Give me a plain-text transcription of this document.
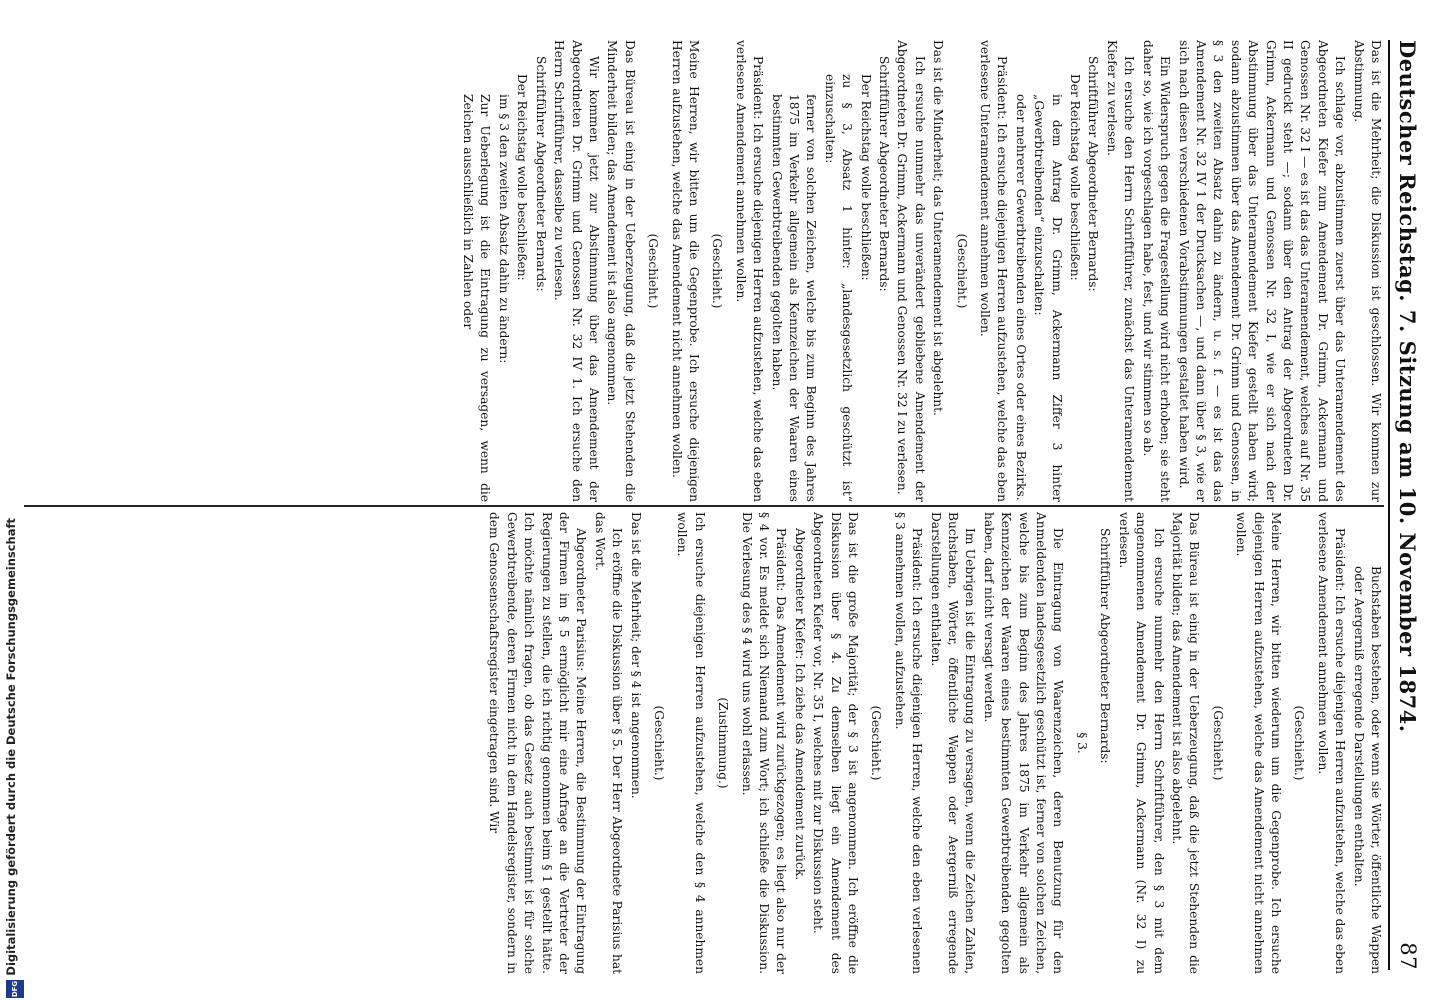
Deutscher Reichstag. 7. Sitzung am 10. November 1874.
87

Das ist die Mehrheit; die Diskussion ist geschlossen. Wir kommen zur Abstimmung.

Ich schlage vor, abzustimmen zuerst über das Unteramendement des Abgeordneten Kiefer zum Amendement Dr. Grimm, Ackermann und Genossen Nr. 32 I — es ist das das Unteramendement, welches auf Nr. 35 II gedruckt steht —; sodann über den Antrag der Abgeordneten Dr. Grimm, Ackermann und Genossen Nr. 32 I, wie er sich nach der Abstimmung über das Unteramendement Kiefer gestellt haben wird; sodann abzustimmen über das Amendement Dr. Grimm und Genossen, in § 3 den zweiten Absatz dahin zu ändern, u. s. f. — es ist das das Amendement Nr. 32 IV 1 der Drucksachen —, und dann über § 3, wie er sich nach diesen verschiedenen Vorabstimmungen gestaltet haben wird.

Ein Widerspruch gegen die Fragestellung wird nicht erhoben; sie steht daher so, wie ich vorgeschlagen habe, fest, und wir stimmen so ab.

Ich ersuche den Herrn Schriftführer, zunächst das Unteramendement Kiefer zu verlesen.

Schriftführer Abgeordneter Bernards:

Der Reichstag wolle beschließen:

in dem Antrag Dr. Grimm, Ackermann Ziffer 3 hinter „Gewerbtreibenden“ einzuschalten:

oder mehrerer Gewerbtreibenden eines Ortes oder eines Bezirks.

Präsident: Ich ersuche diejenigen Herren aufzustehen, welche das eben verlesene Unteramendement annehmen wollen.

(Geschieht.)

Das ist die Minderheit; das Unteramendement ist abgelehnt.

Ich ersuche nunmehr das unverändert gebliebene Amendement der Abgeordneten Dr. Grimm, Ackermann und Genossen Nr. 32 I zu verlesen.

Schriftführer Abgeordneter Bernards:

Der Reichstag wolle beschließen:

zu § 3, Absatz 1 hinter: „landesgesetzlich geschützt ist“ einzuschalten:

ferner von solchen Zeichen, welche bis zum Beginn des Jahres 1875 im Verkehr allgemein als Kennzeichen der Waaren eines bestimmten Gewerbtreibenden gegolten haben.

Präsident: Ich ersuche diejenigen Herren aufzustehen, welche das eben verlesene Amendement annehmen wollen.

(Geschieht.)

Meine Herren, wir bitten um die Gegenprobe. Ich ersuche diejenigen Herren aufzustehen, welche das Amendement nicht annehmen wollen.

(Geschieht.)

Das Büreau ist einig in der Ueberzeugung, daß die jetzt Stehenden die Minderheit bilden; das Amendement ist also angenommen.

Wir kommen jetzt zur Abstimmung über das Amendement der Abgeordneten Dr. Grimm und Genossen Nr. 32 IV 1. Ich ersuche den Herrn Schriftführer, dasselbe zu verlesen.

Schriftführer Abgeordneter Bernards:

Der Reichstag wolle beschließen:

im § 3 den zweiten Absatz dahin zu ändern:

Zur Ueberlegung ist die Eintragung zu versagen, wenn die Zeichen ausschließlich in Zahlen oder

Buchstaben bestehen, oder wenn sie Wörter, öffentliche Wappen oder Aergerniß erregende Darstellungen enthalten.

Präsident: Ich ersuche diejenigen Herren aufzustehen, welche das eben verlesene Amendement annehmen wollen.

(Geschieht.)

Meine Herren, wir bitten wiederum um die Gegenprobe. Ich ersuche diejenigen Herren aufzustehen, welche das Amendement nicht annehmen wollen.

(Geschieht.)

Das Büreau ist einig in der Ueberzeugung, daß die jetzt Stehenden die Majorität bilden; das Amendement ist also abgelehnt.

Ich ersuche nunmehr den Herrn Schriftführer, den § 3 mit dem angenommenen Amendement Dr. Grimm, Ackermann (Nr. 32 I) zu verlesen.

Schriftführer Abgeordneter Bernards:

§ 3.

Die Eintragung von Waarenzeichen, deren Benutzung für den Anmeldenden landesgesetzlich geschützt ist, ferner von solchen Zeichen, welche bis zum Beginn des Jahres 1875 im Verkehr allgemein als Kennzeichen der Waaren eines bestimmten Gewerbtreibenden gegolten haben, darf nicht versagt werden.

Im Uebrigen ist die Eintragung zu versagen, wenn die Zeichen Zahlen, Buchstaben, Wörter, öffentliche Wappen oder Aergerniß erregende Darstellungen enthalten.

Präsident: Ich ersuche diejenigen Herren, welche den eben verlesenen § 3 annehmen wollen, aufzustehen.

(Geschieht.)

Das ist die große Majorität; der § 3 ist angenommen. Ich eröffne die Diskussion über § 4. Zu demselben liegt ein Amendement des Abgeordneten Kiefer vor, Nr. 35 I, welches mit zur Diskussion steht.

Abgeordneter Kiefer: Ich ziehe das Amendement zurück.

Präsident: Das Amendement wird zurückgezogen; es liegt also nur der § 4 vor. Es meldet sich Niemand zum Wort; ich schließe die Diskussion. Die Verlesung des § 4 wird uns wohl erlassen.

(Zustimmung.)

Ich ersuche diejenigen Herren aufzustehen, welche den § 4 annehmen wollen.

(Geschieht.)

Das ist die Mehrheit; der § 4 ist angenommen.

Ich eröffne die Diskussion über § 5. Der Herr Abgeordnete Parisius hat das Wort.

Abgeordneter Parisius: Meine Herren, die Bestimmung der Eintragung der Firmen im § 5 ermöglicht mir eine Anfrage an die Vertreter der Regierungen zu stellen, die ich richtig genommen beim § 1 gestellt hätte. Ich möchte nämlich fragen, ob das Gesetz auch bestimmt ist für solche Gewerbtreibende, deren Firmen nicht in dem Handelsregister, sondern in dem Genossenschaftsregister eingetragen sind. Wir

Digitalisierung gefördert durch die Deutsche Forschungsgemeinschaft
DFG
